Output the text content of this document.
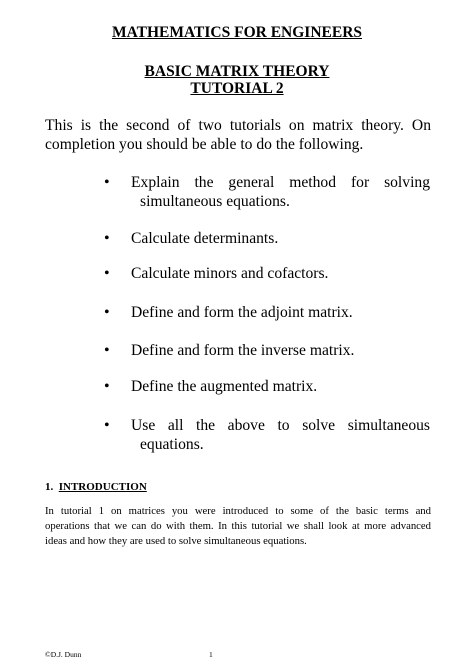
MATHEMATICS FOR ENGINEERS
BASIC MATRIX THEORY
TUTORIAL 2
This is the second of two tutorials on matrix theory. On
completion you should be able to do the following.
• Explain the general method for solving
simultaneous equations.
• Calculate determinants.
• Calculate minors and cofactors.
• Define and form the adjoint matrix.
• Define and form the inverse matrix.
• Define the augmented matrix.
• Use all the above to solve simultaneous
equations.
1. INTRODUCTION
In tutorial 1 on matrices you were introduced to some of the basic terms and
operations that we can do with them. In this tutorial we shall look at more advanced
ideas and how they are used to solve simultaneous equations.
©D.J. Dunn	1
